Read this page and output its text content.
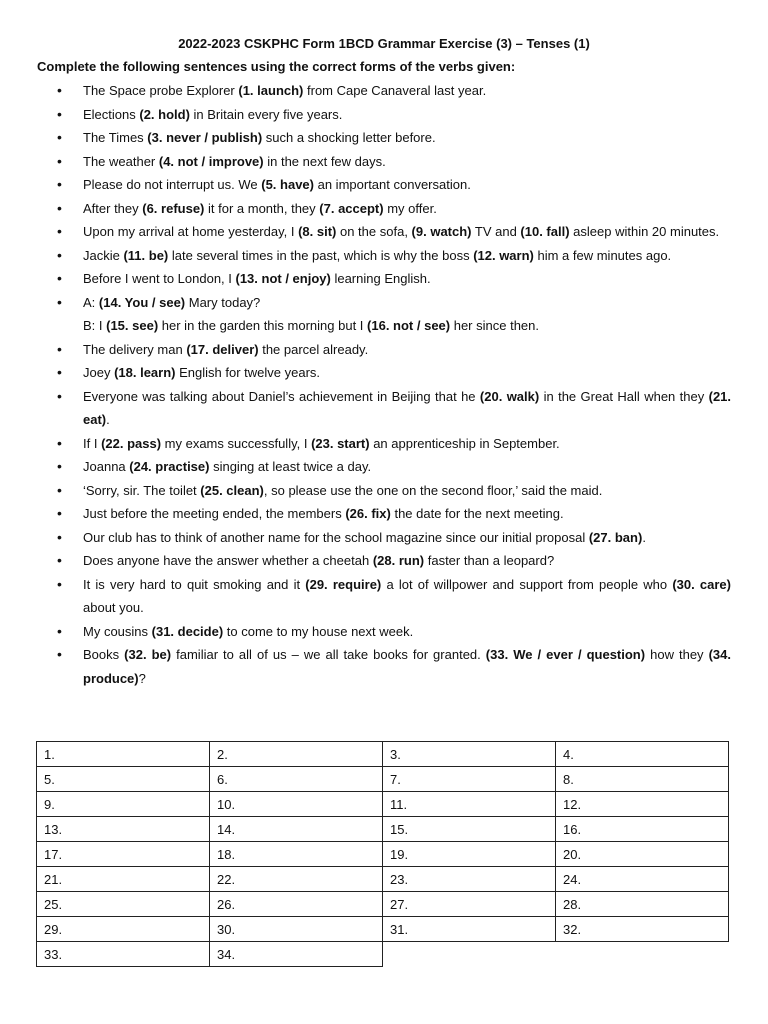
2022-2023 CSKPHC Form 1BCD Grammar Exercise (3) – Tenses (1)
Complete the following sentences using the correct forms of the verbs given:
• The Space probe Explorer (1. launch) from Cape Canaveral last year.
• Elections (2. hold) in Britain every five years.
• The Times (3. never / publish) such a shocking letter before.
• The weather (4. not / improve) in the next few days.
• Please do not interrupt us. We (5. have) an important conversation.
• After they (6. refuse) it for a month, they (7. accept) my offer.
• Upon my arrival at home yesterday, I (8. sit) on the sofa, (9. watch) TV and (10. fall) asleep within 20 minutes.
• Jackie (11. be) late several times in the past, which is why the boss (12. warn) him a few minutes ago.
• Before I went to London, I (13. not / enjoy) learning English.
• A: (14. You / see) Mary today?
B: I (15. see) her in the garden this morning but I (16. not / see) her since then.
• The delivery man (17. deliver) the parcel already.
• Joey (18. learn) English for twelve years.
• Everyone was talking about Daniel’s achievement in Beijing that he (20. walk) in the Great Hall when they (21. eat).
• If I (22. pass) my exams successfully, I (23. start) an apprenticeship in September.
• Joanna (24. practise) singing at least twice a day.
• ‘Sorry, sir. The toilet (25. clean), so please use the one on the second floor,’ said the maid.
• Just before the meeting ended, the members (26. fix) the date for the next meeting.
• Our club has to think of another name for the school magazine since our initial proposal (27. ban).
• Does anyone have the answer whether a cheetah (28. run) faster than a leopard?
• It is very hard to quit smoking and it (29. require) a lot of willpower and support from people who (30. care) about you.
• My cousins (31. decide) to come to my house next week.
• Books (32. be) familiar to all of us – we all take books for granted. (33. We / ever / question) how they (34. produce)?
1.	2.	3.	4.
5.	6.	7.	8.
9.	10.	11.	12.
13.	14.	15.	16.
17.	18.	19.	20.
21.	22.	23.	24.
25.	26.	27.	28.
29.	30.	31.	32.
33.	34.		
